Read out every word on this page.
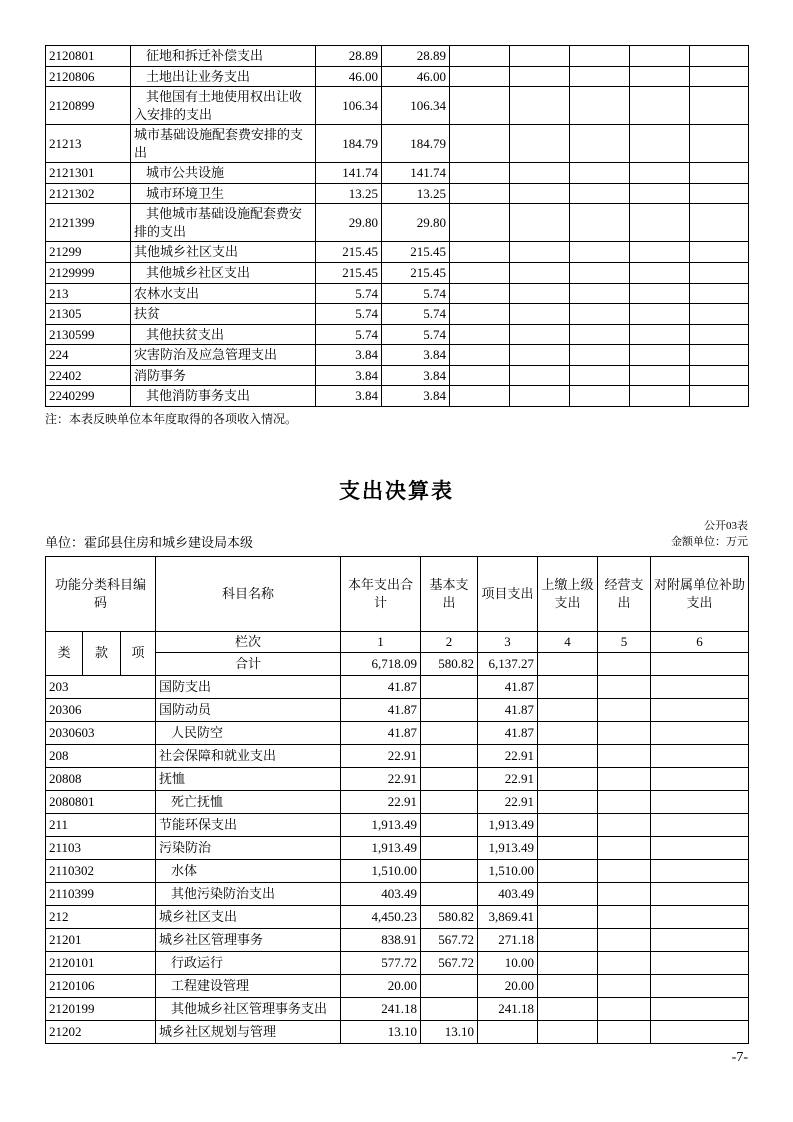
2120801	征地和拆迁补偿支出	28.89	28.89					
2120806	土地出让业务支出	46.00	46.00					
2120899	其他国有土地使用权出让收入安排的支出	106.34	106.34					
21213	城市基础设施配套费安排的支出	184.79	184.79					
2121301	城市公共设施	141.74	141.74					
2121302	城市环境卫生	13.25	13.25					
2121399	其他城市基础设施配套费安排的支出	29.80	29.80					
21299	其他城乡社区支出	215.45	215.45					
2129999	其他城乡社区支出	215.45	215.45					
213	农林水支出	5.74	5.74					
21305	扶贫	5.74	5.74					
2130599	其他扶贫支出	5.74	5.74					
224	灾害防治及应急管理支出	3.84	3.84					
22402	消防事务	3.84	3.84					
2240299	其他消防事务支出	3.84	3.84					
注：本表反映单位本年度取得的各项收入情况。
支出决算表
单位：霍邱县住房和城乡建设局本级
公开03表
金额单位：万元
功能分类科目编码			科目名称	本年支出合计	基本支出	项目支出	上缴上级支出	经营支出	对附属单位补助支出
类	款	项	栏次	1	2	3	4	5	6
			合计	6,718.09	580.82	6,137.27			
203			国防支出	41.87		41.87			
20306			国防动员	41.87		41.87			
2030603			人民防空	41.87		41.87			
208			社会保障和就业支出	22.91		22.91			
20808			抚恤	22.91		22.91			
2080801			死亡抚恤	22.91		22.91			
211			节能环保支出	1,913.49		1,913.49			
21103			污染防治	1,913.49		1,913.49			
2110302			水体	1,510.00		1,510.00			
2110399			其他污染防治支出	403.49		403.49			
212			城乡社区支出	4,450.23	580.82	3,869.41			
21201			城乡社区管理事务	838.91	567.72	271.18			
2120101			行政运行	577.72	567.72	10.00			
2120106			工程建设管理	20.00		20.00			
2120199			其他城乡社区管理事务支出	241.18		241.18			
21202			城乡社区规划与管理	13.10	13.10				
-7-
